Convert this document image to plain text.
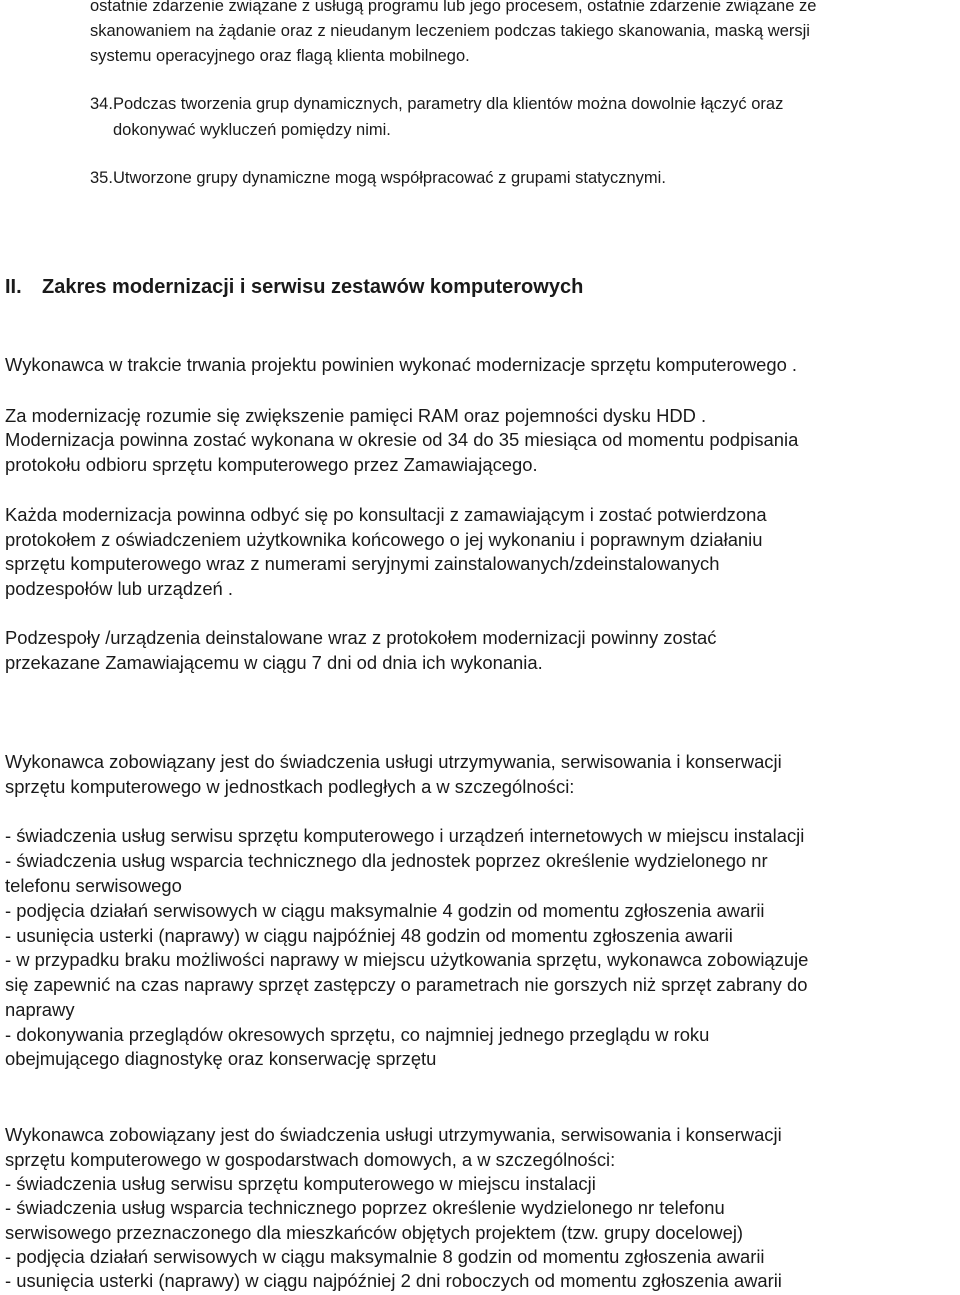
ostatnie zdarzenie związane z usługą programu lub jego procesem, ostatnie zdarzenie związane ze
skanowaniem na żądanie oraz z nieudanym leczeniem podczas takiego skanowania, maską wersji
systemu operacyjnego oraz flagą klienta mobilnego.
34.Podczas tworzenia grup dynamicznych, parametry dla klientów można dowolnie łączyć oraz
dokonywać wykluczeń pomiędzy nimi.
35.Utworzone grupy dynamiczne mogą współpracować z grupami statycznymi.
II. Zakres modernizacji i serwisu zestawów komputerowych
Wykonawca w trakcie trwania projektu powinien wykonać modernizacje sprzętu komputerowego .
Za modernizację rozumie się zwiększenie pamięci RAM oraz pojemności dysku HDD .
Modernizacja powinna zostać wykonana w okresie od 34 do 35 miesiąca od momentu podpisania
protokołu odbioru sprzętu komputerowego przez Zamawiającego.
Każda modernizacja powinna odbyć się po konsultacji z zamawiającym i zostać potwierdzona
protokołem z oświadczeniem użytkownika końcowego o jej wykonaniu i poprawnym działaniu
sprzętu komputerowego wraz z numerami seryjnymi zainstalowanych/zdeinstalowanych
podzespołów lub urządzeń .
Podzespoły /urządzenia deinstalowane wraz z protokołem modernizacji powinny zostać
przekazane Zamawiającemu w ciągu 7 dni od dnia ich wykonania.
Wykonawca zobowiązany jest do świadczenia usługi utrzymywania, serwisowania i konserwacji
sprzętu komputerowego w jednostkach podległych a w szczególności:
- świadczenia usług serwisu sprzętu komputerowego i urządzeń internetowych w miejscu instalacji
- świadczenia usług wsparcia technicznego dla jednostek poprzez określenie wydzielonego nr
telefonu serwisowego
- podjęcia działań serwisowych w ciągu maksymalnie 4 godzin od momentu zgłoszenia awarii
- usunięcia usterki (naprawy) w ciągu najpóźniej 48 godzin od momentu zgłoszenia awarii
- w przypadku braku możliwości naprawy w miejscu użytkowania sprzętu, wykonawca zobowiązuje
się zapewnić na czas naprawy sprzęt zastępczy o parametrach nie gorszych niż sprzęt zabrany do
naprawy
- dokonywania przeglądów okresowych sprzętu, co najmniej jednego przeglądu w roku
obejmującego diagnostykę oraz konserwację sprzętu
Wykonawca zobowiązany jest do świadczenia usługi utrzymywania, serwisowania i konserwacji
sprzętu komputerowego w gospodarstwach domowych, a w szczególności:
- świadczenia usług serwisu sprzętu komputerowego w miejscu instalacji
- świadczenia usług wsparcia technicznego poprzez określenie wydzielonego nr telefonu
serwisowego przeznaczonego dla mieszkańców objętych projektem (tzw. grupy docelowej)
- podjęcia działań serwisowych w ciągu maksymalnie 8 godzin od momentu zgłoszenia awarii
- usunięcia usterki (naprawy) w ciągu najpóźniej 2 dni roboczych od momentu zgłoszenia awarii
